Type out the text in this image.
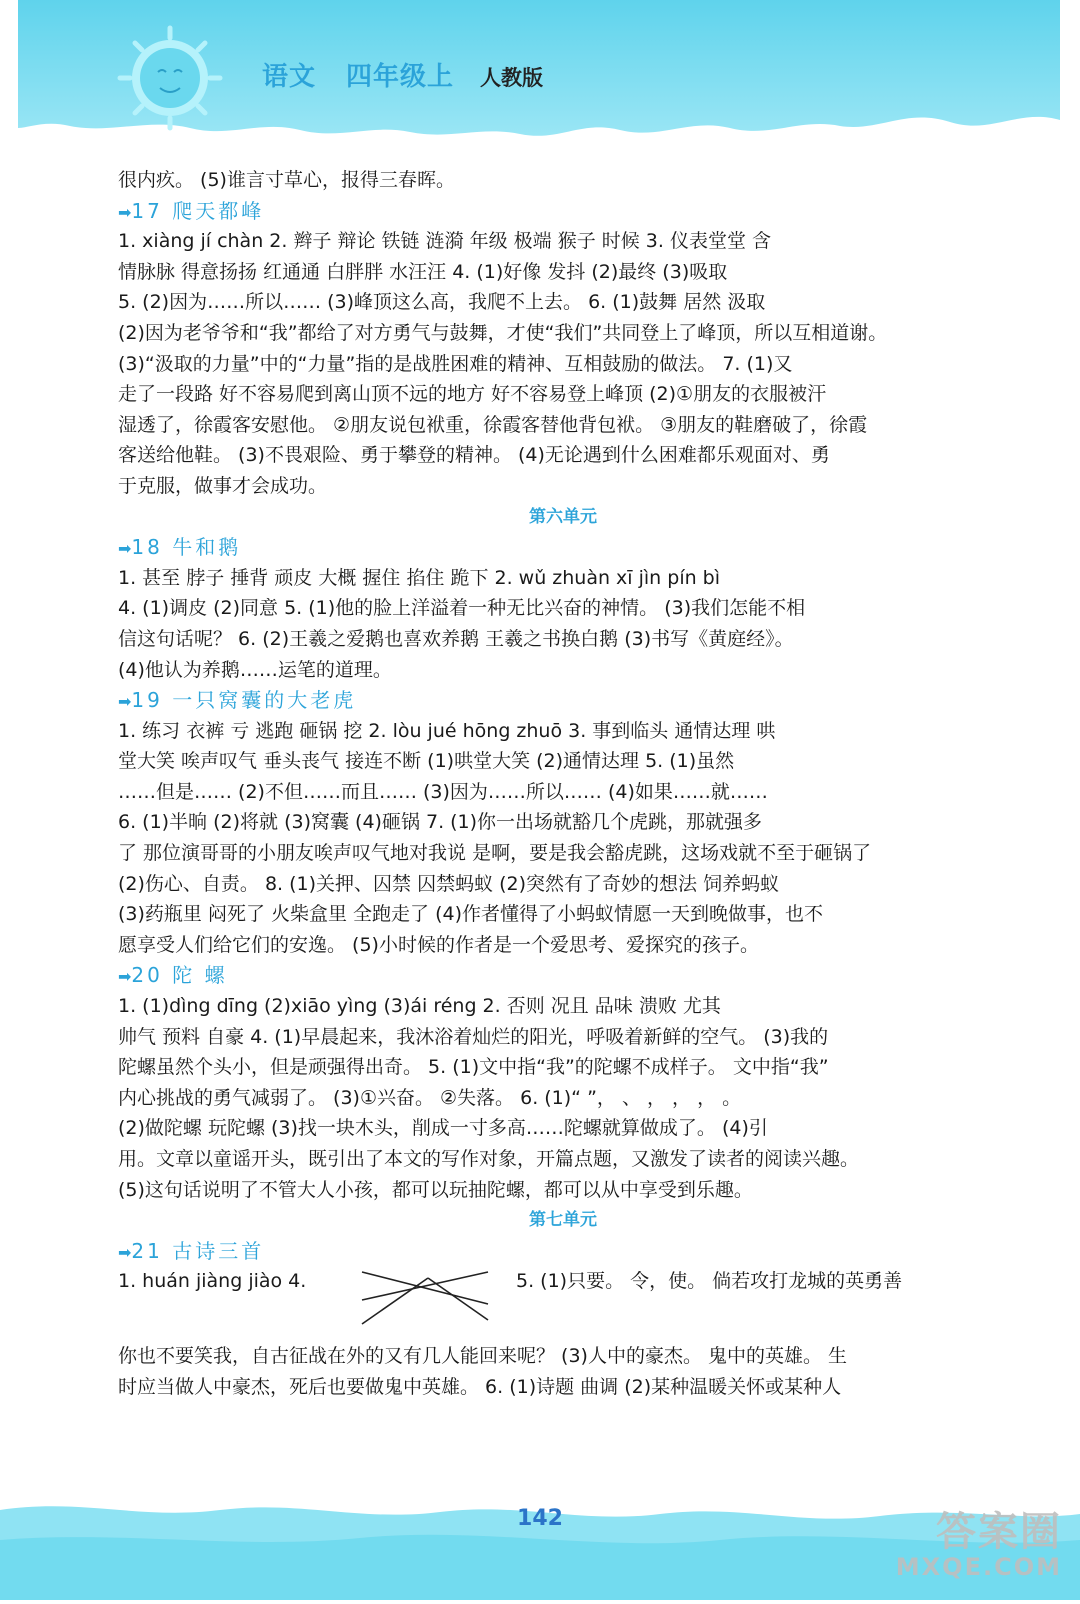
语文 四年级上 人教版
很内疚。 (5)谁言寸草心，报得三春晖。
➡17 爬天都峰
1. xiàng jí chàn 2. 辫子 辩论 铁链 涟漪 年级 极端 猴子 时候 3. 仪表堂堂 含
情脉脉 得意扬扬 红通通 白胖胖 水汪汪 4. (1)好像 发抖 (2)最终 (3)吸取
5. (2)因为……所以…… (3)峰顶这么高，我爬不上去。 6. (1)鼓舞 居然 汲取
(2)因为老爷爷和“我”都给了对方勇气与鼓舞，才使“我们”共同登上了峰顶，所以互相道谢。
(3)“汲取的力量”中的“力量”指的是战胜困难的精神、互相鼓励的做法。 7. (1)又
走了一段路 好不容易爬到离山顶不远的地方 好不容易登上峰顶 (2)①朋友的衣服被汗
湿透了，徐霞客安慰他。 ②朋友说包袱重，徐霞客替他背包袱。 ③朋友的鞋磨破了，徐霞
客送给他鞋。 (3)不畏艰险、勇于攀登的精神。 (4)无论遇到什么困难都乐观面对、勇
于克服，做事才会成功。
第六单元
➡18 牛和鹅
1. 甚至 脖子 捶背 顽皮 大概 握住 掐住 跪下 2. wǔ zhuàn xī jìn pín bì
4. (1)调皮 (2)同意 5. (1)他的脸上洋溢着一种无比兴奋的神情。 (3)我们怎能不相
信这句话呢？ 6. (2)王羲之爱鹅也喜欢养鹅 王羲之书换白鹅 (3)书写《黄庭经》。
(4)他认为养鹅……运笔的道理。
➡19 一只窝囊的大老虎
1. 练习 衣裤 亏 逃跑 砸锅 挖 2. lòu jué hōng zhuō 3. 事到临头 通情达理 哄
堂大笑 唉声叹气 垂头丧气 接连不断 (1)哄堂大笑 (2)通情达理 5. (1)虽然
……但是…… (2)不但……而且…… (3)因为……所以…… (4)如果……就……
6. (1)半晌 (2)将就 (3)窝囊 (4)砸锅 7. (1)你一出场就豁几个虎跳，那就强多
了 那位演哥哥的小朋友唉声叹气地对我说 是啊，要是我会豁虎跳，这场戏就不至于砸锅了
(2)伤心、自责。 8. (1)关押、囚禁 囚禁蚂蚁 (2)突然有了奇妙的想法 饲养蚂蚁
(3)药瓶里 闷死了 火柴盒里 全跑走了 (4)作者懂得了小蚂蚁情愿一天到晚做事，也不
愿享受人们给它们的安逸。 (5)小时候的作者是一个爱思考、爱探究的孩子。
➡20 陀 螺
1. (1)dìng dīng (2)xiāo yìng (3)ái réng 2. 否则 况且 品味 溃败 尤其
帅气 预料 自豪 4. (1)早晨起来，我沐浴着灿烂的阳光，呼吸着新鲜的空气。 (3)我的
陀螺虽然个头小，但是顽强得出奇。 5. (1)文中指“我”的陀螺不成样子。 文中指“我”
内心挑战的勇气减弱了。 (3)①兴奋。 ②失落。 6. (1)“ ”， 、 ， ， ， 。
(2)做陀螺 玩陀螺 (3)找一块木头，削成一寸多高……陀螺就算做成了。 (4)引
用。文章以童谣开头，既引出了本文的写作对象，开篇点题，又激发了读者的阅读兴趣。
(5)这句话说明了不管大人小孩，都可以玩抽陀螺，都可以从中享受到乐趣。
第七单元
➡21 古诗三首
1. huán jiàng jiào 4.	5. (1)只要。 令，使。 倘若攻打龙城的英勇善
你也不要笑我，自古征战在外的又有几人能回来呢？ (3)人中的豪杰。 鬼中的英雄。 生
时应当做人中豪杰，死后也要做鬼中英雄。 6. (1)诗题 曲调 (2)某种温暖关怀或某种人
142	答案圈
MXQE.COM
